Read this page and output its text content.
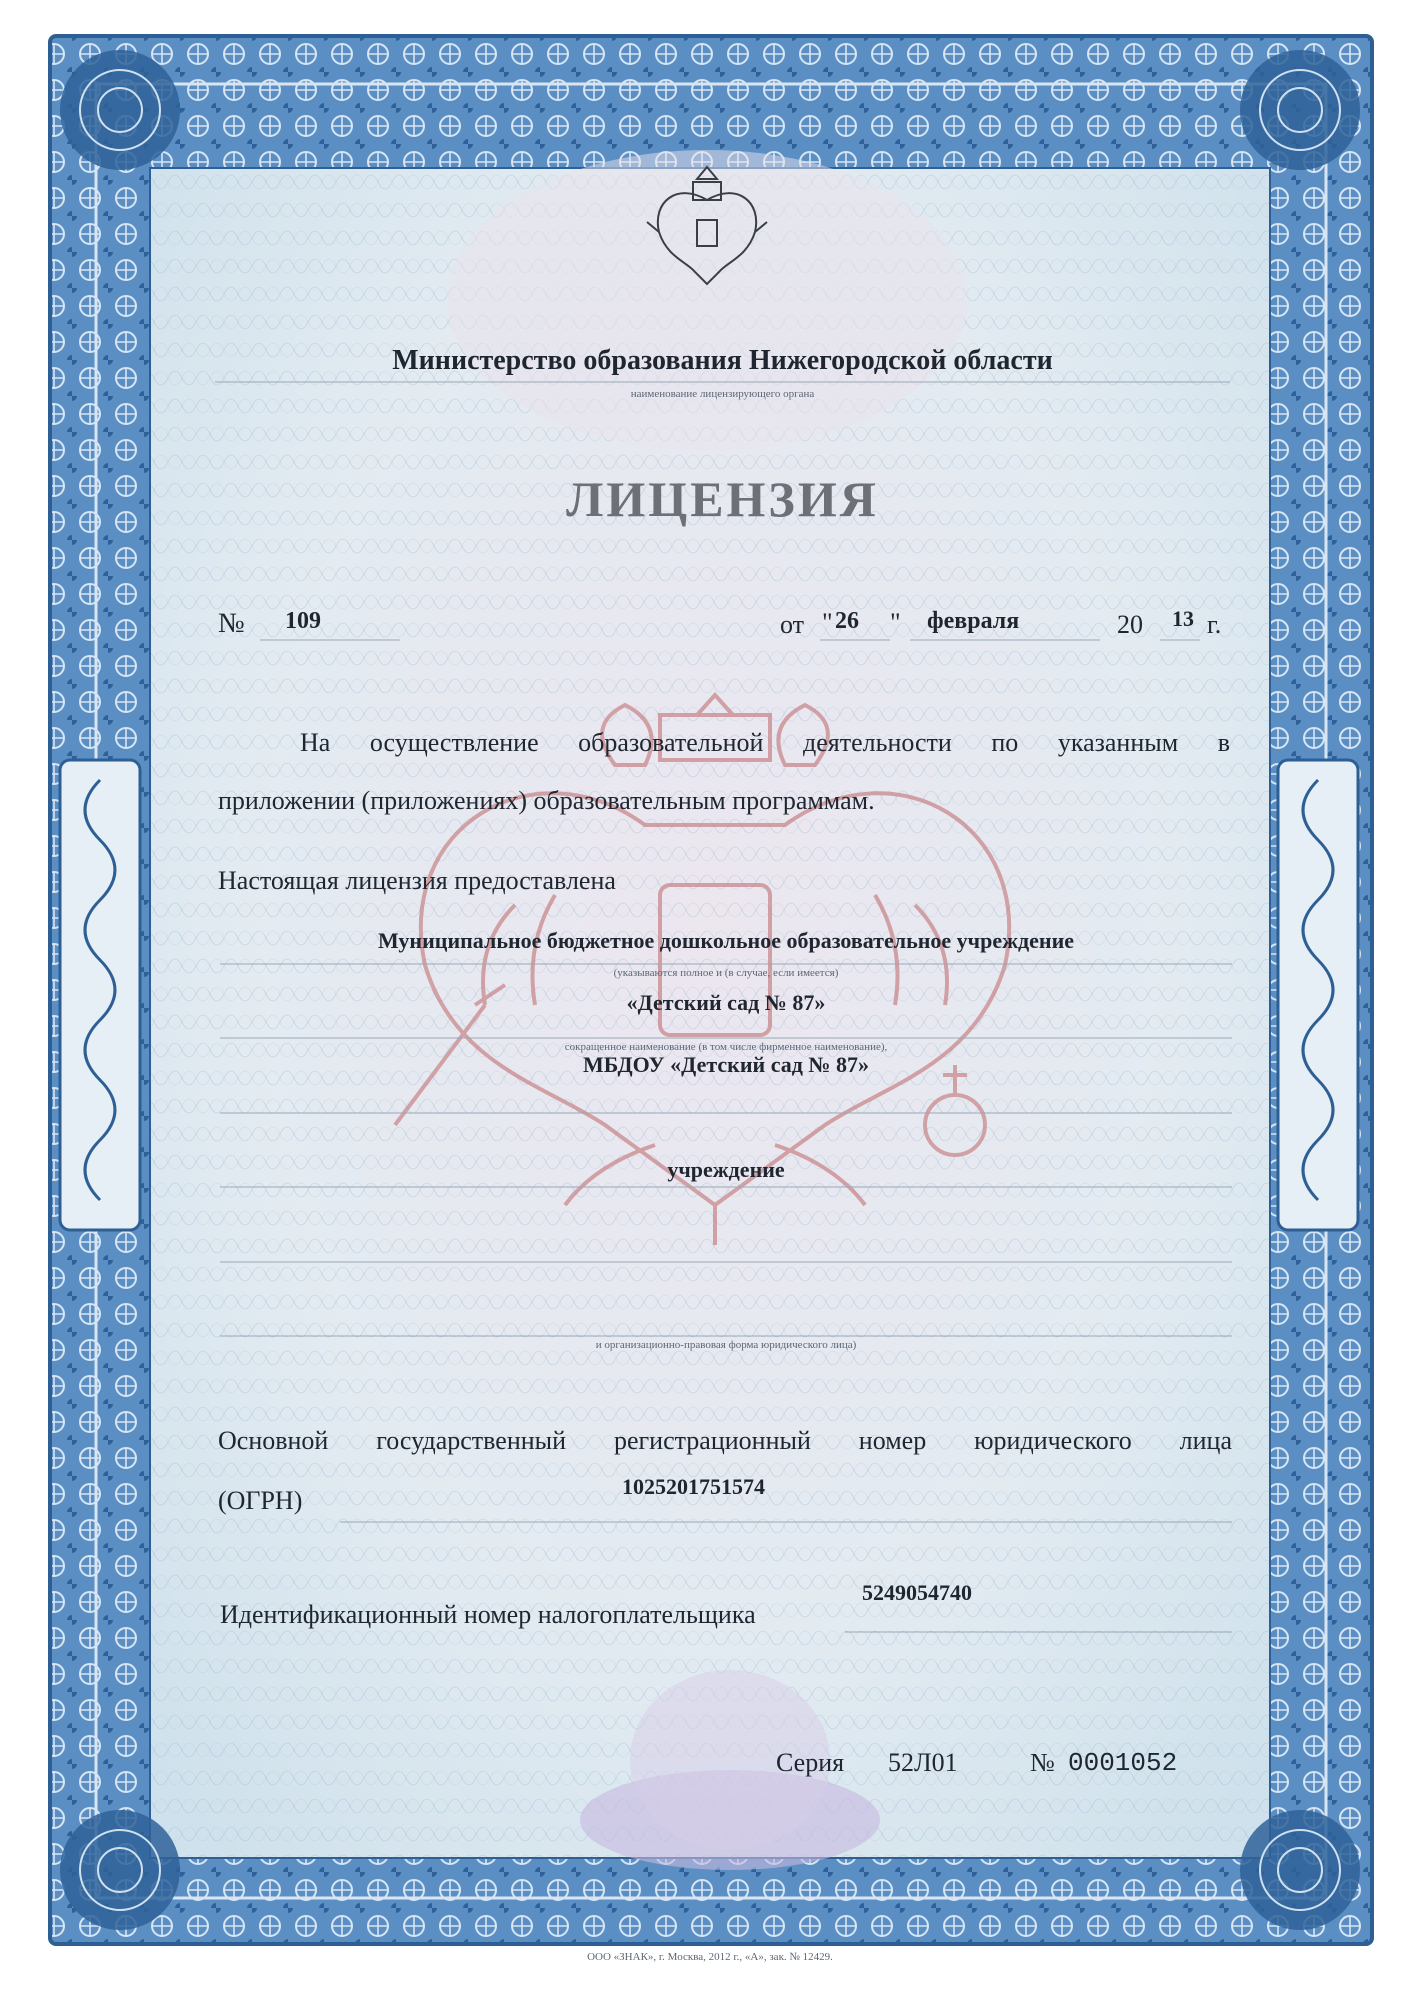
Министерство образования Нижегородской области
наименование лицензирующего органа
ЛИЦЕНЗИЯ
№ 109	от " 26 " февраля	20 13 г.
На осуществление образовательной деятельности по указанным в
приложении (приложениях) образовательным программам.
Настоящая лицензия предоставлена
Муниципальное бюджетное дошкольное образовательное учреждение
(указываются полное и (в случае, если имеется)
«Детский сад № 87»
сокращенное наименование (в том числе фирменное наименование),
МБДОУ «Детский сад № 87»
учреждение
и организационно-правовая форма юридического лица)
Основной государственный регистрационный номер юридического лица
(ОГРН)	1025201751574
Идентификационный номер налогоплательщика
5249054740
Серия 52Л01	№ 0001052
ООО «ЗНАК», г. Москва, 2012 г., «А», зак. № 12429.
